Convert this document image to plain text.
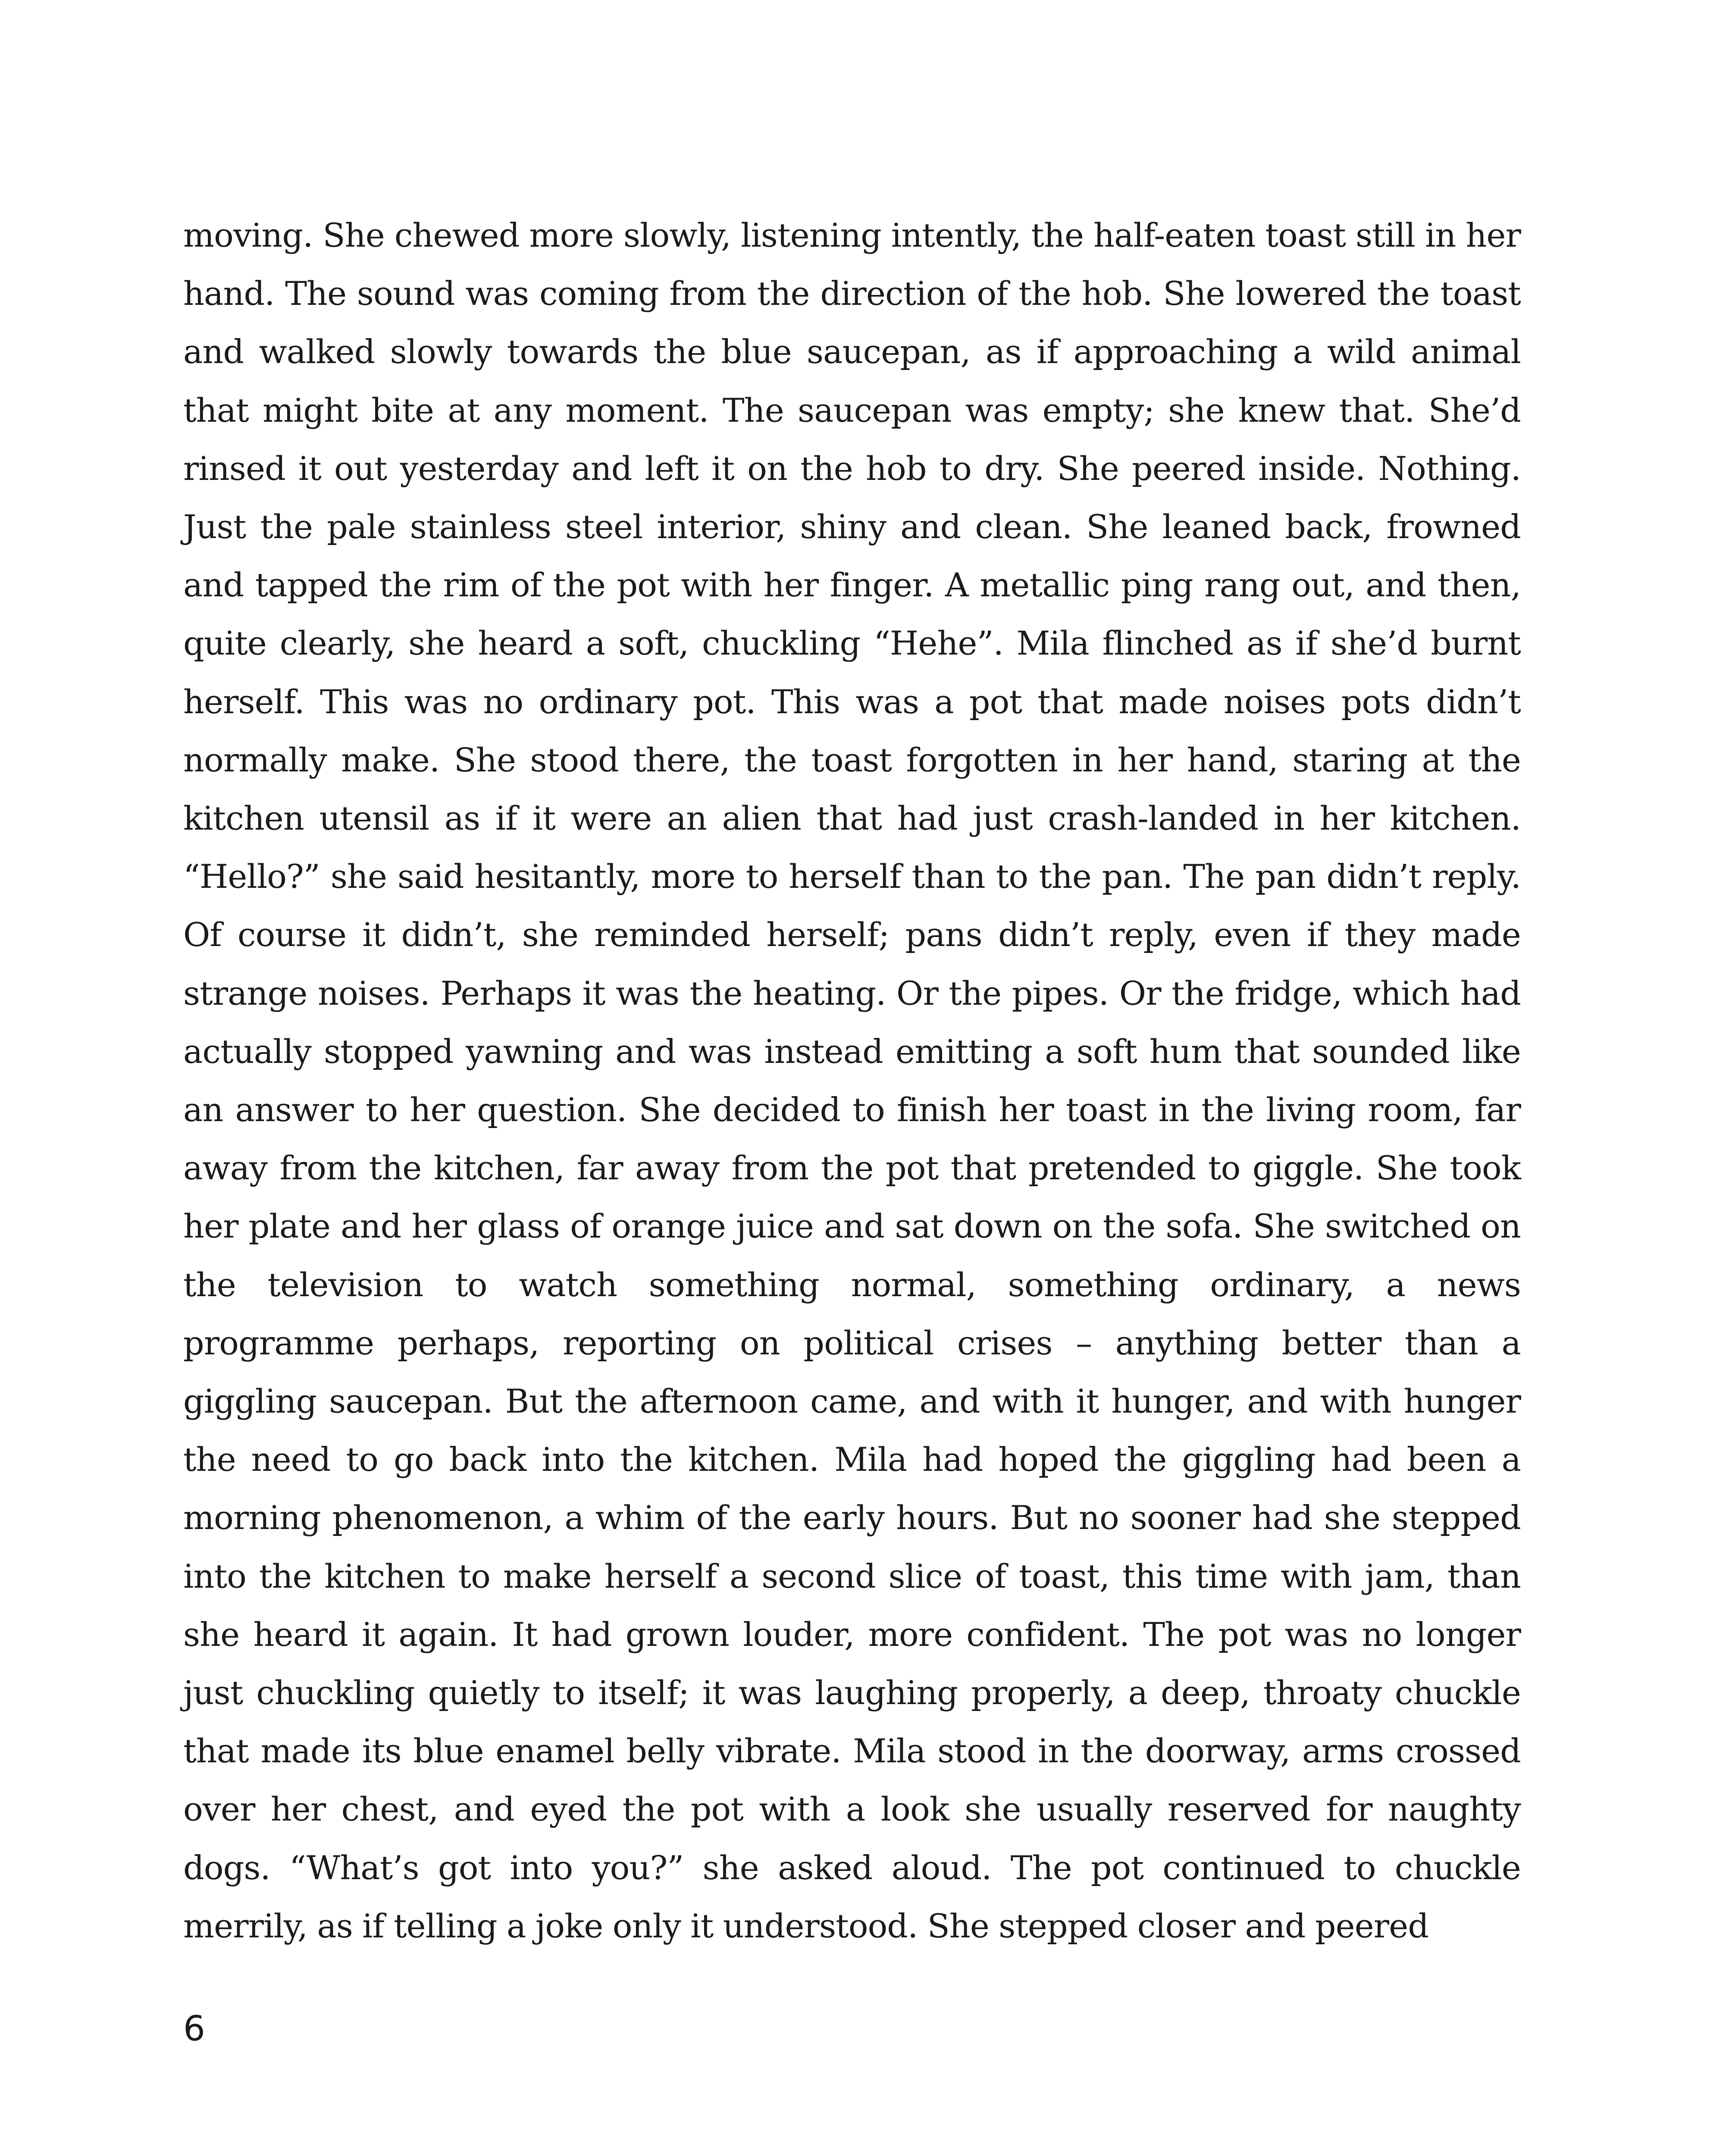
moving. She chewed more slowly, listening intently, the half-eaten toast still in her hand. The sound was coming from the direction of the hob. She lowered the toast and walked slowly towards the blue saucepan, as if approaching a wild animal that might bite at any moment. The saucepan was empty; she knew that. She’d rinsed it out yesterday and left it on the hob to dry. She peered inside. Nothing. Just the pale stainless steel interior, shiny and clean. She leaned back, frowned and tapped the rim of the pot with her finger. A metallic ping rang out, and then, quite clearly, she heard a soft, chuckling “Hehe”. Mila flinched as if she’d burnt herself. This was no ordinary pot. This was a pot that made noises pots didn’t normally make. She stood there, the toast forgotten in her hand, staring at the kitchen utensil as if it were an alien that had just crash-landed in her kitchen. “Hello?” she said hesitantly, more to herself than to the pan. The pan didn’t reply. Of course it didn’t, she reminded herself; pans didn’t reply, even if they made strange noises. Perhaps it was the heating. Or the pipes. Or the fridge, which had actually stopped yawning and was instead emitting a soft hum that sounded like an answer to her question. She decided to finish her toast in the living room, far away from the kitchen, far away from the pot that pretended to giggle. She took her plate and her glass of orange juice and sat down on the sofa. She switched on the television to watch something normal, something ordinary, a news programme perhaps, reporting on political crises – anything better than a giggling saucepan. But the afternoon came, and with it hunger, and with hunger the need to go back into the kitchen. Mila had hoped the giggling had been a morning phenomenon, a whim of the early hours. But no sooner had she stepped into the kitchen to make herself a second slice of toast, this time with jam, than she heard it again. It had grown louder, more confident. The pot was no longer just chuckling quietly to itself; it was laughing properly, a deep, throaty chuckle that made its blue enamel belly vibrate. Mila stood in the doorway, arms crossed over her chest, and eyed the pot with a look she usually reserved for naughty dogs. “What’s got into you?” she asked aloud. The pot continued to chuckle merrily, as if telling a joke only it understood. She stepped closer and peered

6
